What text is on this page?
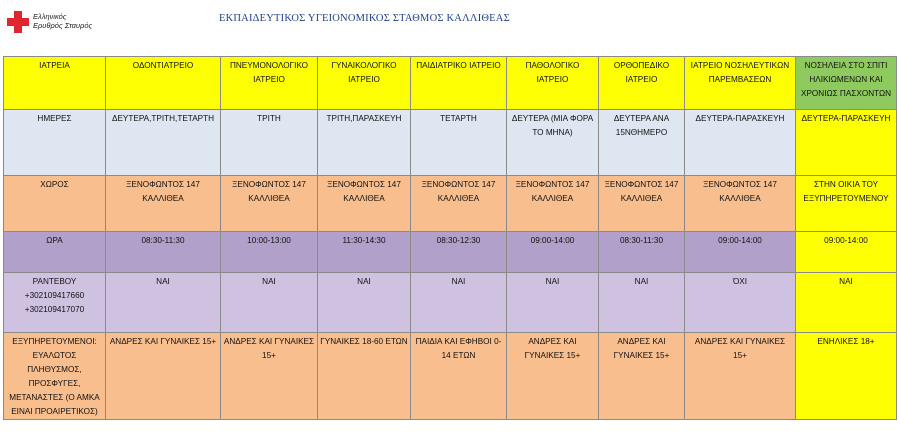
Ελληνικός
Ερυθρός Σταυρός
ΕΚΠΑΙΔΕΥΤΙΚΟΣ ΥΓΕΙΟΝΟΜΙΚΟΣ ΣΤΑΘΜΟΣ ΚΑΛΛΙΘΕΑΣ
ΙΑΤΡΕΙΑ	ΟΔΟΝΤΙΑΤΡΕΙΟ	ΠΝΕΥΜΟΝΟΛΟΓΙΚΟ ΙΑΤΡΕΙΟ	ΓΥΝΑΙΚΟΛΟΓΙΚΟ ΙΑΤΡΕΙΟ	ΠΑΙΔΙΑΤΡΙΚΟ ΙΑΤΡΕΙΟ	ΠΑΘΟΛΟΓΙΚΟ ΙΑΤΡΕΙΟ	ΟΡΘΟΠΕΔΙΚΟ ΙΑΤΡΕΙΟ	ΙΑΤΡΕΙΟ ΝΟΣΗΛΕΥΤΙΚΩΝ ΠΑΡΕΜΒΑΣΕΩΝ	ΝΟΣΗΛΕΙΑ ΣΤΟ ΣΠΙΤΙ ΗΛΙΚΙΩΜΕΝΩΝ ΚΑΙ ΧΡΟΝΙΩΣ ΠΑΣΧΟΝΤΩΝ
ΗΜΕΡΕΣ	ΔΕΥΤΕΡΑ,ΤΡΙΤΗ,ΤΕΤΑΡΤΗ	ΤΡΙΤΗ	ΤΡΙΤΗ,ΠΑΡΑΣΚΕΥΗ	ΤΕΤΑΡΤΗ	ΔΕΥΤΕΡΑ (ΜΙΑ ΦΟΡΑ ΤΟ ΜΗΝΑ)	ΔΕΥΤΕΡΑ ΑΝΑ 15ΝΘΗΜΕΡΟ	ΔΕΥΤΕΡΑ-ΠΑΡΑΣΚΕΥΗ	ΔΕΥΤΕΡΑ-ΠΑΡΑΣΚΕΥΗ
ΧΩΡΟΣ	ΞΕΝΟΦΩΝΤΟΣ 147 ΚΑΛΛΙΘΕΑ	ΞΕΝΟΦΩΝΤΟΣ 147 ΚΑΛΛΙΘΕΑ	ΞΕΝΟΦΩΝΤΟΣ 147 ΚΑΛΛΙΘΕΑ	ΞΕΝΟΦΩΝΤΟΣ 147 ΚΑΛΛΙΘΕΑ	ΞΕΝΟΦΩΝΤΟΣ 147 ΚΑΛΛΙΘΕΑ	ΞΕΝΟΦΩΝΤΟΣ 147 ΚΑΛΛΙΘΕΑ	ΞΕΝΟΦΩΝΤΟΣ 147 ΚΑΛΛΙΘΕΑ	ΣΤΗΝ ΟΙΚΙΑ ΤΟΥ ΕΞΥΠΗΡΕΤΟΥΜΕΝΟΥ
ΩΡΑ	08:30-11:30	10:00-13:00	11:30-14:30	08:30-12:30	09:00-14:00	08:30-11:30	09:00-14:00	09:00-14:00
ΡΑΝΤΕΒΟΥ +302109417660 +302109417070	ΝΑΙ	ΝΑΙ	ΝΑΙ	ΝΑΙ	ΝΑΙ	ΝΑΙ	ΌΧΙ	ΝΑΙ
ΕΞΥΠΗΡΕΤΟΥΜΕΝΟΙ: ΕΥΑΛΩΤΟΣ ΠΛΗΘΥΣΜΟΣ, ΠΡΟΣΦΥΓΕΣ, ΜΕΤΑΝΑΣΤΕΣ (Ο ΑΜΚΑ ΕΙΝΑΙ ΠΡΟΑΙΡΕΤΙΚΟΣ)	ΑΝΔΡΕΣ ΚΑΙ ΓΥΝΑΙΚΕΣ 15+	ΑΝΔΡΕΣ ΚΑΙ ΓΥΝΑΙΚΕΣ 15+	ΓΥΝΑΙΚΕΣ 18-60 ΕΤΩΝ	ΠΑΙΔΙΑ ΚΑΙ ΕΦΗΒΟΙ 0-14 ΕΤΩΝ	ΑΝΔΡΕΣ ΚΑΙ ΓΥΝΑΙΚΕΣ 15+	ΑΝΔΡΕΣ ΚΑΙ ΓΥΝΑΙΚΕΣ 15+	ΑΝΔΡΕΣ ΚΑΙ ΓΥΝΑΙΚΕΣ 15+	ΕΝΗΛΙΚΕΣ 18+
